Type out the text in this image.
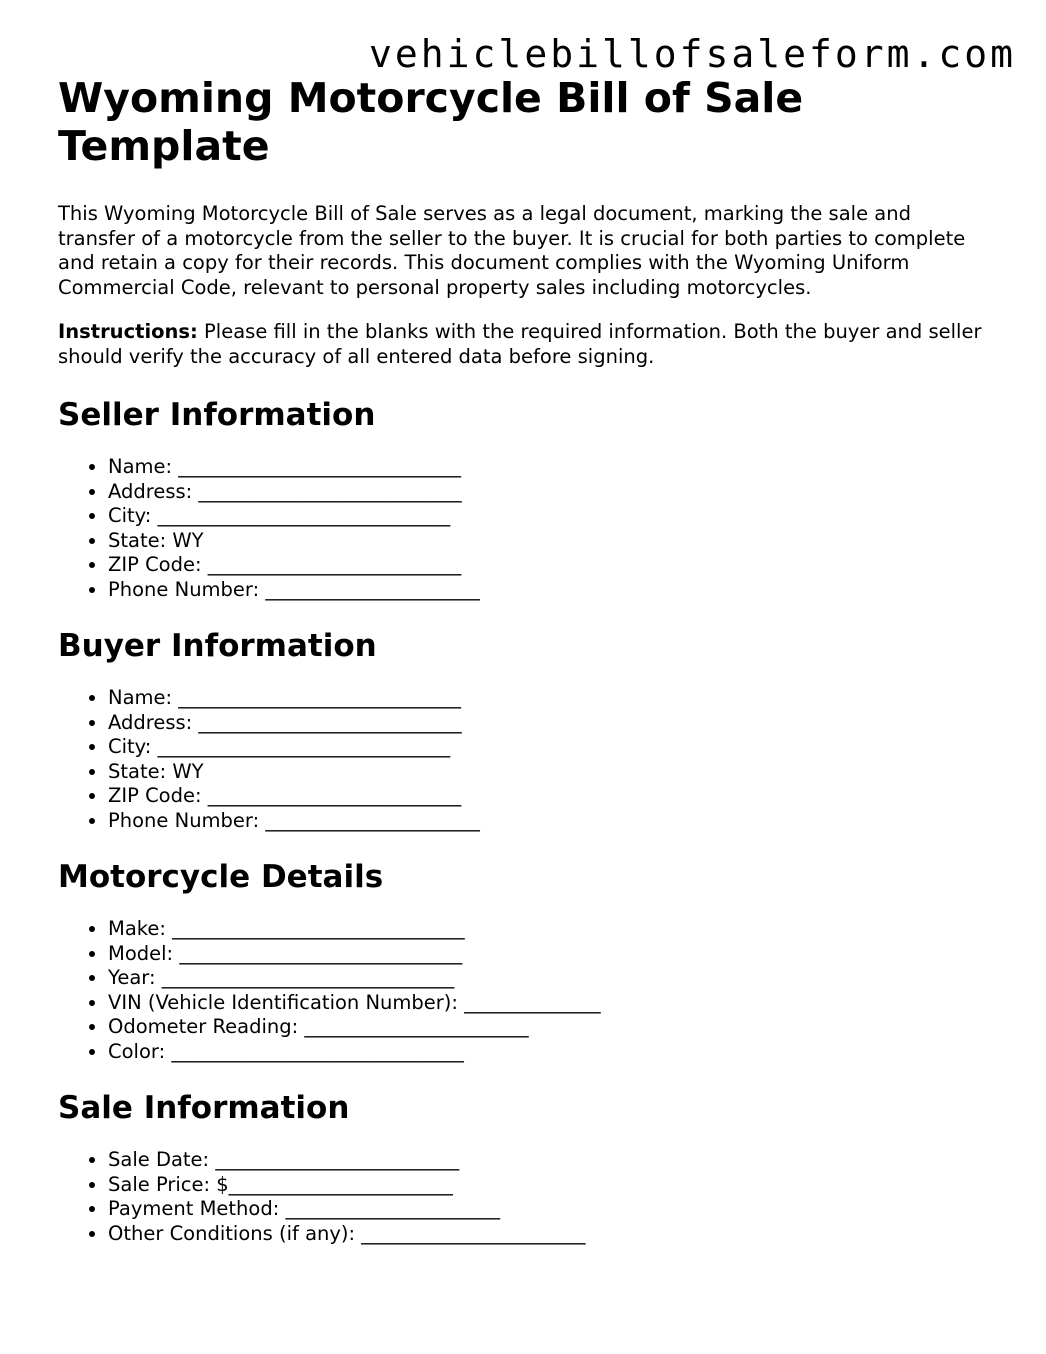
vehiclebillofsaleform.com
Wyoming Motorcycle Bill of Sale Template

This Wyoming Motorcycle Bill of Sale serves as a legal document, marking the sale and transfer of a motorcycle from the seller to the buyer. It is crucial for both parties to complete and retain a copy for their records. This document complies with the Wyoming Uniform Commercial Code, relevant to personal property sales including motorcycles.

Instructions: Please fill in the blanks with the required information. Both the buyer and seller should verify the accuracy of all entered data before signing.

Seller Information
• Name: _____________________________
• Address: ___________________________
• City: ______________________________
• State: WY
• ZIP Code: __________________________
• Phone Number: ______________________
Buyer Information
• Name: _____________________________
• Address: ___________________________
• City: ______________________________
• State: WY
• ZIP Code: __________________________
• Phone Number: ______________________
Motorcycle Details
• Make: ______________________________
• Model: _____________________________
• Year: ______________________________
• VIN (Vehicle Identification Number): ______________
• Odometer Reading: _______________________
• Color: ______________________________
Sale Information
• Sale Date: _________________________
• Sale Price: $_______________________
• Payment Method: ______________________
• Other Conditions (if any): _______________________
